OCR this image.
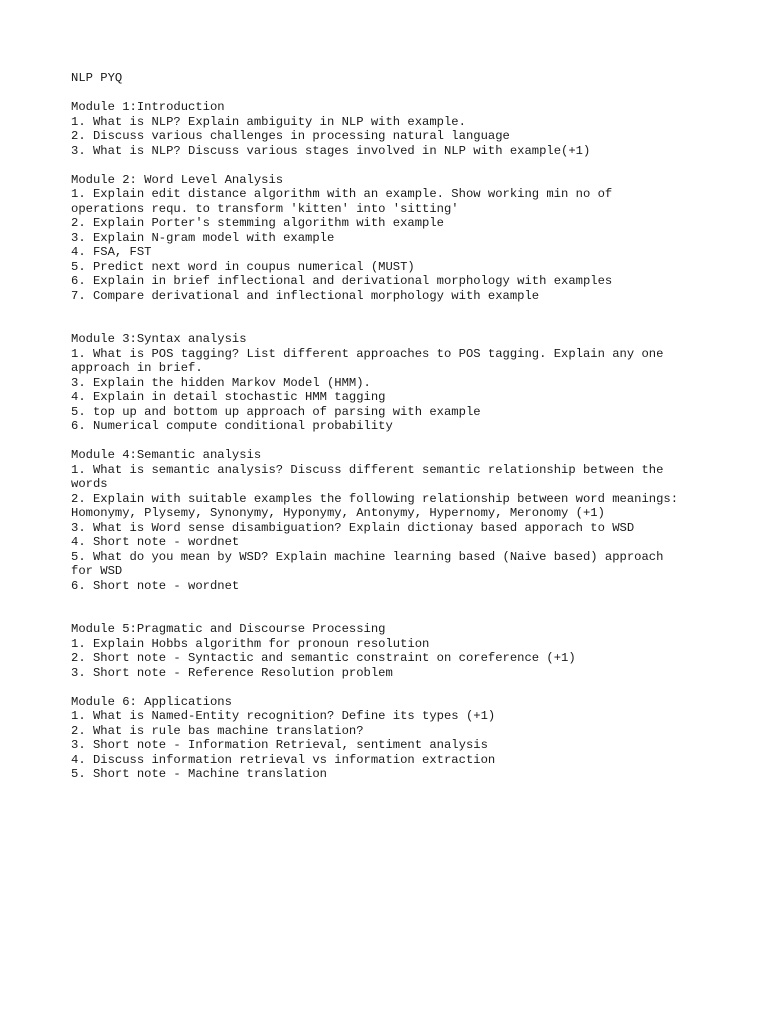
NLP PYQ
Module 1:Introduction
1. What is NLP? Explain ambiguity in NLP with example.
2. Discuss various challenges in processing natural language
3. What is NLP? Discuss various stages involved in NLP with example(+1)
Module 2: Word Level Analysis
1. Explain edit distance algorithm with an example. Show working min no of
operations requ. to transform 'kitten' into 'sitting'
2. Explain Porter's stemming algorithm with example
3. Explain N-gram model with example
4. FSA, FST
5. Predict next word in coupus numerical (MUST)
6. Explain in brief inflectional and derivational morphology with examples
7. Compare derivational and inflectional morphology with example
Module 3:Syntax analysis
1. What is POS tagging? List different approaches to POS tagging. Explain any one
approach in brief.
3. Explain the hidden Markov Model (HMM).
4. Explain in detail stochastic HMM tagging
5. top up and bottom up approach of parsing with example
6. Numerical compute conditional probability
Module 4:Semantic analysis
1. What is semantic analysis? Discuss different semantic relationship between the
words
2. Explain with suitable examples the following relationship between word meanings:
Homonymy, Plysemy, Synonymy, Hyponymy, Antonymy, Hypernomy, Meronomy (+1)
3. What is Word sense disambiguation? Explain dictionay based apporach to WSD
4. Short note - wordnet
5. What do you mean by WSD? Explain machine learning based (Naive based) approach
for WSD
6. Short note - wordnet
Module 5:Pragmatic and Discourse Processing
1. Explain Hobbs algorithm for pronoun resolution
2. Short note - Syntactic and semantic constraint on coreference (+1)
3. Short note - Reference Resolution problem
Module 6: Applications
1. What is Named-Entity recognition? Define its types (+1)
2. What is rule bas machine translation?
3. Short note - Information Retrieval, sentiment analysis
4. Discuss information retrieval vs information extraction
5. Short note - Machine translation
